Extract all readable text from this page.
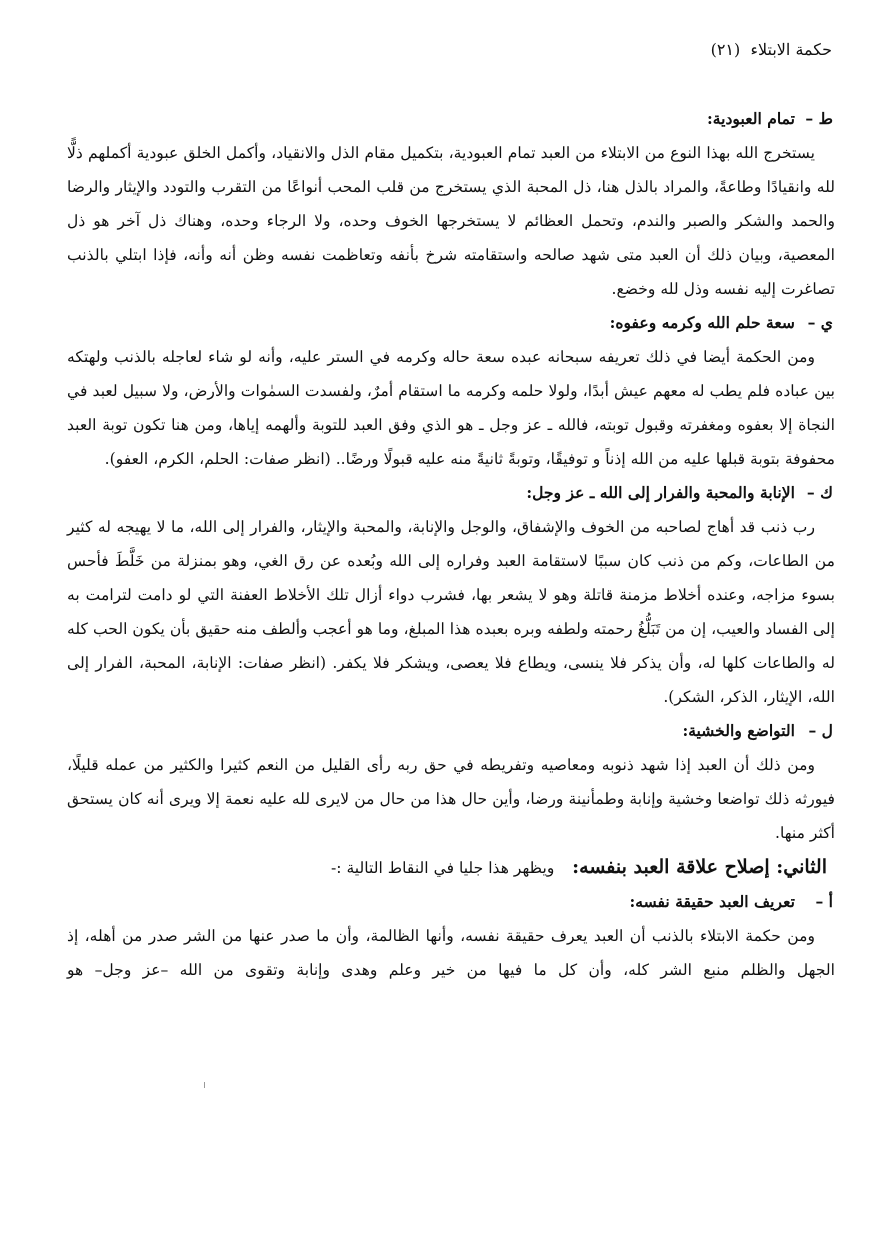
حكمة الابتلاء  (٢١)
ط –تمام العبودية:

يستخرج الله بهذا النوع من الابتلاء من العبد تمام العبودية، بتكميل مقام الذل والانقياد، وأكمل الخلق عبودية أكملهم ذلًّا لله وانقيادًا وطاعةً، والمراد بالذل هنا، ذل المحبة الذي يستخرج من قلب المحب أنواعًا من التقرب والتودد والإيثار والرضا والحمد والشكر والصبر والندم، وتحمل العظائم لا يستخرجها الخوف وحده، ولا الرجاء وحده، وهناك ذل آخر هو ذل المعصية، وبيان ذلك أن العبد متى شهد صالحه واستقامته شرخ بأنفه وتعاظمت نفسه وظن أنه وأنه، فإذا ابتلي بالذنب تصاغرت إليه نفسه وذل لله وخضع.

ي –سعة حلم الله وكرمه وعفوه:

ومن الحكمة أيضا في ذلك تعريفه سبحانه عبده سعة حاله وكرمه في الستر عليه، وأنه لو شاء لعاجله بالذنب ولهتكه بين عباده فلم يطب له معهم عيش أبدًا، ولولا حلمه وكرمه ما استقام أمرٌ، ولفسدت السمٰوات والأرض، ولا سبيل لعبد في النجاة إلا بعفوه ومغفرته وقبول توبته، فالله ـ عز وجل ـ هو الذي وفق العبد للتوبة وألهمه إياها، ومن هنا تكون توبة العبد محفوفة بتوبة قبلها عليه من الله إذناً و توفيقًا، وتوبةً ثانيةً منه عليه قبولًا ورضًا.. (انظر صفات: الحلم، الكرم، العفو).

ك –الإنابة والمحبة والفرار إلى الله ـ عز وجل:

رب ذنب قد أهاج لصاحبه من الخوف والإشفاق، والوجل والإنابة، والمحبة والإيثار، والفرار إلى الله، ما لا يهيجه له كثير من الطاعات، وكم من ذنب كان سببًا لاستقامة العبد وفراره إلى الله وبُعده عن رق الغي، وهو بمنزلة من خَلَّطَ فأحس بسوء مزاجه، وعنده أخلاط مزمنة قاتلة وهو لا يشعر بها، فشرب دواء أزال تلك الأخلاط العفنة التي لو دامت لترامت به إلى الفساد والعيب، إن من تَبَلُّغُ رحمته ولطفه وبره بعبده هذا المبلغ، وما هو أعجب وألطف منه حقيق بأن يكون الحب كله له والطاعات كلها له، وأن يذكر فلا ينسى، ويطاع فلا يعصى، ويشكر فلا يكفر. (انظر صفات: الإنابة، المحبة، الفرار إلى الله، الإيثار، الذكر، الشكر).

ل –التواضع والخشية:

ومن ذلك أن العبد إذا شهد ذنوبه ومعاصيه وتفريطه في حق ربه رأى القليل من النعم كثيرا والكثير من عمله قليلًا، فيورثه ذلك تواضعا وخشية وإنابة وطمأنينة ورضا، وأين حال هذا من حال من لايرى لله عليه نعمة إلا ويرى أنه كان يستحق أكثر منها.

الثاني: إصلاح علاقة العبد بنفسه:   ويظهر هذا جليا في النقاط التالية :-
أ –تعريف العبد حقيقة نفسه:

ومن حكمة الابتلاء بالذنب أن العبد يعرف حقيقة نفسه، وأنها الظالمة، وأن ما صدر عنها من الشر صدر من أهله، إذ الجهل والظلم منبع الشر كله، وأن كل ما فيها من خير وعلم وهدى وإنابة وتقوى من الله –عز وجل– هو
